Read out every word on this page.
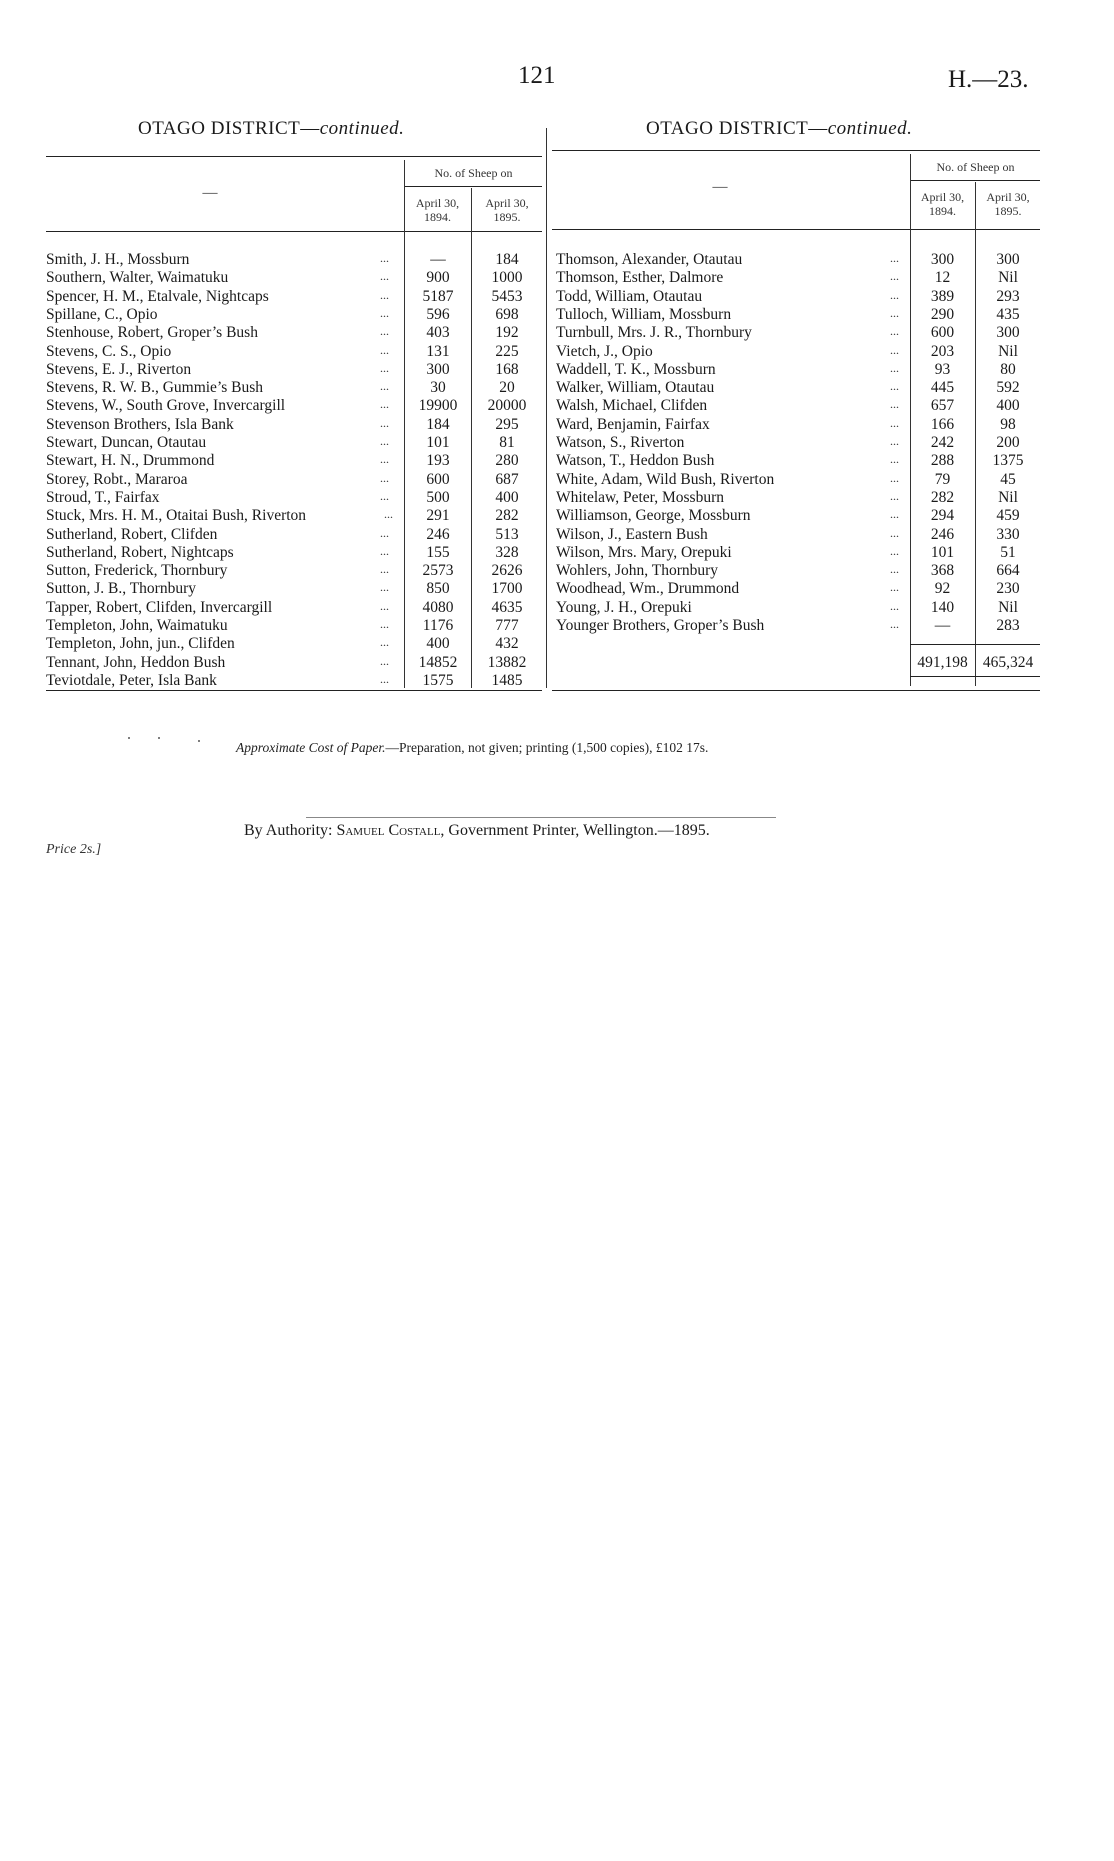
121	H.—23.
OTAGO DISTRICT—continued.	OTAGO DISTRICT—continued.
—
No. of Sheep on
April 30,
1894.
April 30,
1895.
Smith, J. H., Mossburn	...	—	184
Southern, Walter, Waimatuku	...	900	1000
Spencer, H. M., Etalvale, Nightcaps	...	5187	5453
Spillane, C., Opio	...	596	698
Stenhouse, Robert, Groper’s Bush	...	403	192
Stevens, C. S., Opio	...	131	225
Stevens, E. J., Riverton	...	300	168
Stevens, R. W. B., Gummie’s Bush	...	30	20
Stevens, W., South Grove, Invercargill	...	19900	20000
Stevenson Brothers, Isla Bank	...	184	295
Stewart, Duncan, Otautau	...	101	81
Stewart, H. N., Drummond	...	193	280
Storey, Robt., Mararoa	...	600	687
Stroud, T., Fairfax	...	500	400
Stuck, Mrs. H. M., Otaitai Bush, Riverton	...	291	282
Sutherland, Robert, Clifden	...	246	513
Sutherland, Robert, Nightcaps	...	155	328
Sutton, Frederick, Thornbury	...	2573	2626
Sutton, J. B., Thornbury	...	850	1700
Tapper, Robert, Clifden, Invercargill	...	4080	4635
Templeton, John, Waimatuku	...	1176	777
Templeton, John, jun., Clifden	...	400	432
Tennant, John, Heddon Bush	...	14852	13882
Teviotdale, Peter, Isla Bank	...	1575	1485
—
No. of Sheep on
April 30,
1894.
April 30,
1895.
Thomson, Alexander, Otautau	...	300	300
Thomson, Esther, Dalmore	...	12	Nil
Todd, William, Otautau	...	389	293
Tulloch, William, Mossburn	...	290	435
Turnbull, Mrs. J. R., Thornbury	...	600	300
Vietch, J., Opio	...	203	Nil
Waddell, T. K., Mossburn	...	93	80
Walker, William, Otautau	...	445	592
Walsh, Michael, Clifden	...	657	400
Ward, Benjamin, Fairfax	...	166	98
Watson, S., Riverton	...	242	200
Watson, T., Heddon Bush	...	288	1375
White, Adam, Wild Bush, Riverton	...	79	45
Whitelaw, Peter, Mossburn	...	282	Nil
Williamson, George, Mossburn	...	294	459
Wilson, J., Eastern Bush	...	246	330
Wilson, Mrs. Mary, Orepuki	...	101	51
Wohlers, John, Thornbury	...	368	664
Woodhead, Wm., Drummond	...	92	230
Young, J. H., Orepuki	...	140	Nil
Younger Brothers, Groper’s Bush	...	—	283
491,198 465,324
Approximate Cost of Paper.—Preparation, not given; printing (1,500 copies), £102 17s.
By Authority: Samuel Costall, Government Printer, Wellington.—1895.
Price 2s.]
